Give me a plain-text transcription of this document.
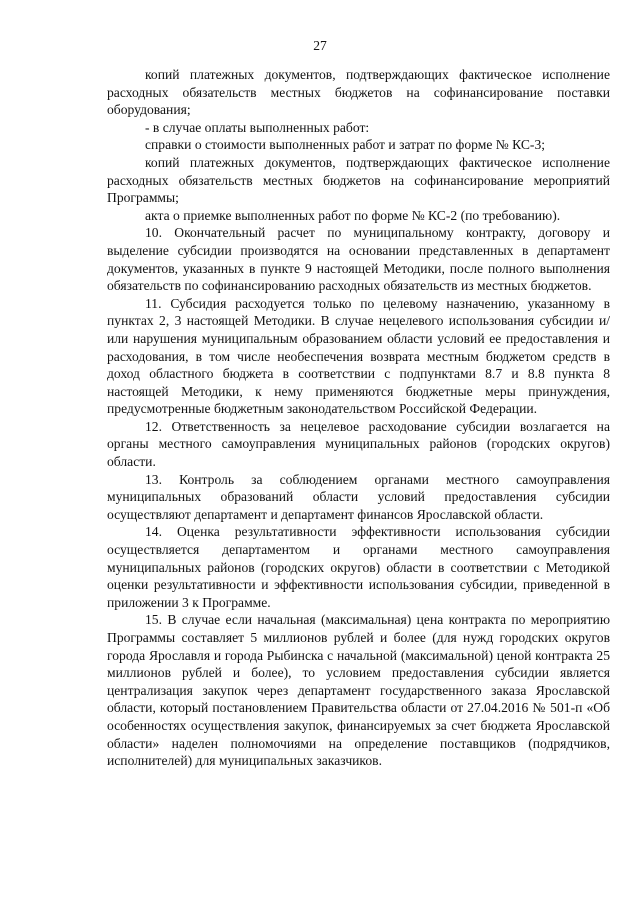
27

копий платежных документов, подтверждающих фактическое исполнение расходных обязательств местных бюджетов на софинансирование поставки оборудования;

- в случае оплаты выполненных работ:

справки о стоимости выполненных работ и затрат по форме № КС-3;

копий платежных документов, подтверждающих фактическое исполнение расходных обязательств местных бюджетов на софинансирование мероприятий Программы;

акта о приемке выполненных работ по форме № КС-2 (по требованию).

10. Окончательный расчет по муниципальному контракту, договору и выделение субсидии производятся на основании представленных в департамент документов, указанных в пункте 9 настоящей Методики, после полного выполнения обязательств по софинансированию расходных обязательств из местных бюджетов.

11. Субсидия расходуется только по целевому назначению, указанному в пунктах 2, 3 настоящей Методики. В случае нецелевого использования субсидии и/или нарушения муниципальным образованием области условий ее предоставления и расходования, в том числе необеспечения возврата местным бюджетом средств в доход областного бюджета в соответствии с подпунктами 8.7 и 8.8 пункта 8 настоящей Методики, к нему применяются бюджетные меры принуждения, предусмотренные бюджетным законодательством Российской Федерации.

12. Ответственность за нецелевое расходование субсидии возлагается на органы местного самоуправления муниципальных районов (городских округов) области.

13. Контроль за соблюдением органами местного самоуправления муниципальных образований области условий предоставления субсидии осуществляют департамент и департамент финансов Ярославской области.

14. Оценка результативности эффективности использования субсидии осуществляется департаментом и органами местного самоуправления муниципальных районов (городских округов) области в соответствии с Методикой оценки результативности и эффективности использования субсидии, приведенной в приложении 3 к Программе.

15. В случае если начальная (максимальная) цена контракта по мероприятию Программы составляет 5 миллионов рублей и более (для нужд городских округов города Ярославля и города Рыбинска с начальной (максимальной) ценой контракта 25 миллионов рублей и более), то условием предоставления субсидии является централизация закупок через департамент государственного заказа Ярославской области, который постановлением Правительства области от 27.04.2016 № 501-п «Об особенностях осуществления закупок, финансируемых за счет бюджета Ярославской области» наделен полномочиями на определение поставщиков (подрядчиков, исполнителей) для муниципальных заказчиков.
